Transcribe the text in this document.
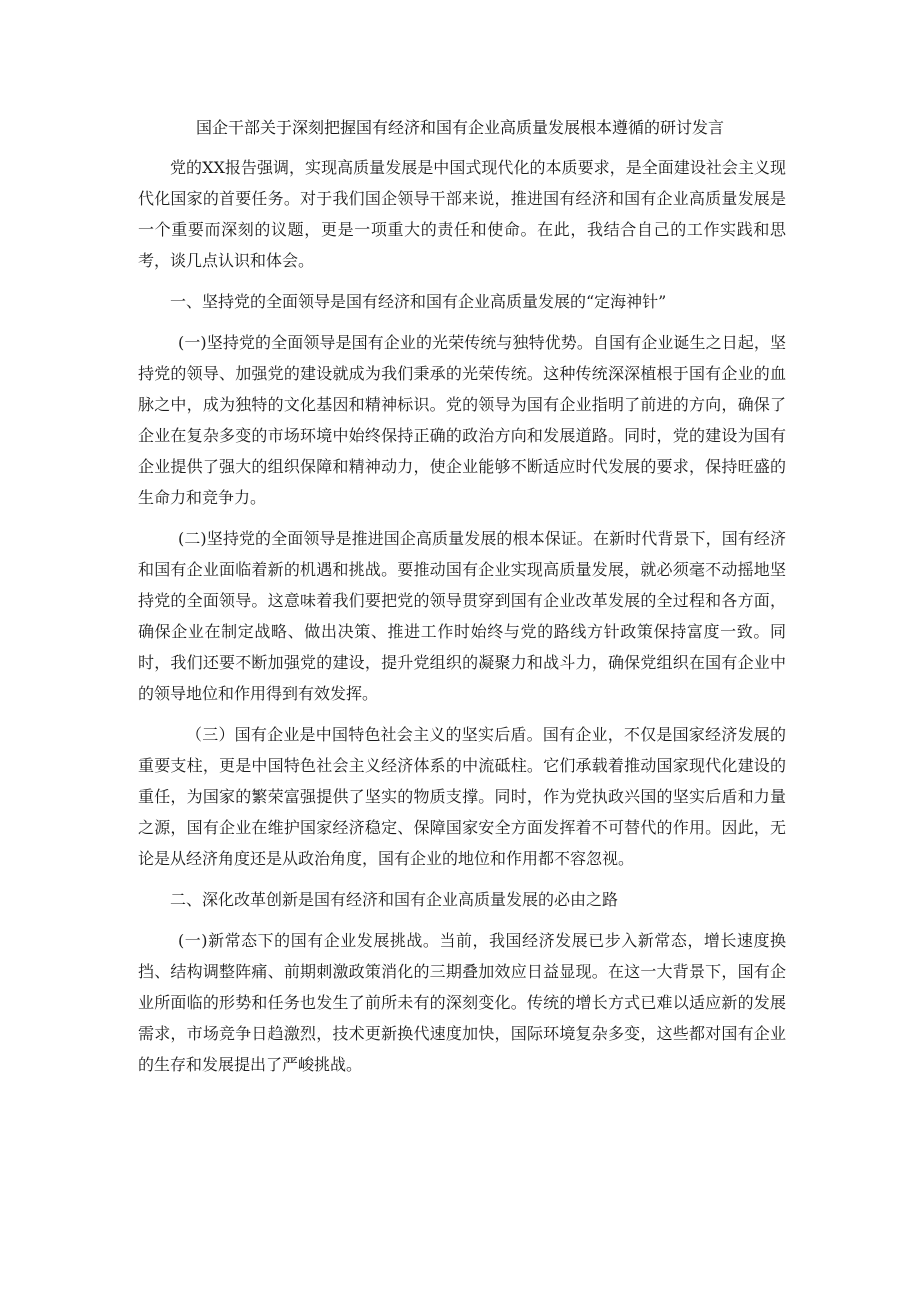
国企干部关于深刻把握国有经济和国有企业高质量发展根本遵循的研讨发言

党的XX报告强调，实现高质量发展是中国式现代化的本质要求，是全面建设社会主义现代化国家的首要任务。对于我们国企领导干部来说，推进国有经济和国有企业高质量发展是一个重要而深刻的议题，更是一项重大的责任和使命。在此，我结合自己的工作实践和思考，谈几点认识和体会。

一、坚持党的全面领导是国有经济和国有企业高质量发展的“定海神针”

(一)坚持党的全面领导是国有企业的光荣传统与独特优势。自国有企业诞生之日起，坚持党的领导、加强党的建设就成为我们秉承的光荣传统。这种传统深深植根于国有企业的血脉之中，成为独特的文化基因和精神标识。党的领导为国有企业指明了前进的方向，确保了企业在复杂多变的市场环境中始终保持正确的政治方向和发展道路。同时，党的建设为国有企业提供了强大的组织保障和精神动力，使企业能够不断适应时代发展的要求，保持旺盛的生命力和竞争力。

(二)坚持党的全面领导是推进国企高质量发展的根本保证。在新时代背景下，国有经济和国有企业面临着新的机遇和挑战。要推动国有企业实现高质量发展，就必须毫不动摇地坚持党的全面领导。这意味着我们要把党的领导贯穿到国有企业改革发展的全过程和各方面，确保企业在制定战略、做出决策、推进工作时始终与党的路线方针政策保持富度一致。同时，我们还要不断加强党的建设，提升党组织的凝聚力和战斗力，确保党组织在国有企业中的领导地位和作用得到有效发挥。

（三）国有企业是中国特色社会主义的坚实后盾。国有企业，不仅是国家经济发展的重要支柱，更是中国特色社会主义经济体系的中流砥柱。它们承载着推动国家现代化建设的重任，为国家的繁荣富强提供了坚实的物质支撑。同时，作为党执政兴国的坚实后盾和力量之源，国有企业在维护国家经济稳定、保障国家安全方面发挥着不可替代的作用。因此，无论是从经济角度还是从政治角度，国有企业的地位和作用都不容忽视。

二、深化改革创新是国有经济和国有企业高质量发展的必由之路

(一)新常态下的国有企业发展挑战。当前，我国经济发展已步入新常态，增长速度换挡、结构调整阵痛、前期刺激政策消化的三期叠加效应日益显现。在这一大背景下，国有企业所面临的形势和任务也发生了前所未有的深刻变化。传统的增长方式已难以适应新的发展需求，市场竞争日趋激烈，技术更新换代速度加快，国际环境复杂多变，这些都对国有企业的生存和发展提出了严峻挑战。
